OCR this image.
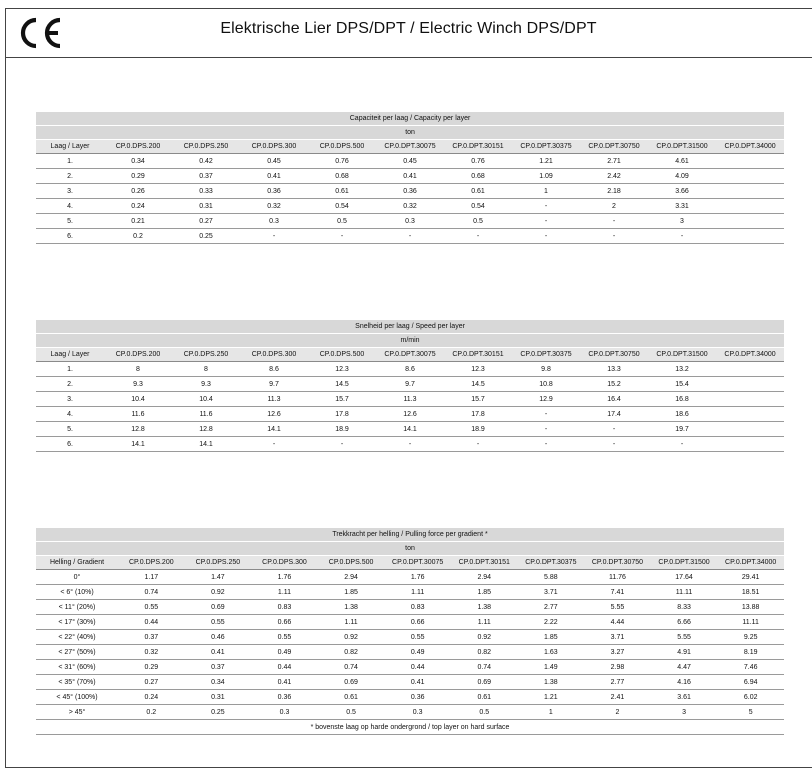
Elektrische Lier DPS/DPT / Electric Winch DPS/DPT
Capaciteit per laag / Capacity per layer										
ton										
Laag / Layer	CP.0.DPS.200	CP.0.DPS.250	CP.0.DPS.300	CP.0.DPS.500	CP.0.DPT.30075	CP.0.DPT.30151	CP.0.DPT.30375	CP.0.DPT.30750	CP.0.DPT.31500	CP.0.DPT.34000
1.	0.34	0.42	0.45	0.76	0.45	0.76	1.21	2.71	4.61	
2.	0.29	0.37	0.41	0.68	0.41	0.68	1.09	2.42	4.09	
3.	0.26	0.33	0.36	0.61	0.36	0.61	1	2.18	3.66	
4.	0.24	0.31	0.32	0.54	0.32	0.54	-	2	3.31	
5.	0.21	0.27	0.3	0.5	0.3	0.5	-	-	3	
6.	0.2	0.25	-	-	-	-	-	-	-	
Snelheid per laag / Speed per layer										
m/min										
Laag / Layer	CP.0.DPS.200	CP.0.DPS.250	CP.0.DPS.300	CP.0.DPS.500	CP.0.DPT.30075	CP.0.DPT.30151	CP.0.DPT.30375	CP.0.DPT.30750	CP.0.DPT.31500	CP.0.DPT.34000
1.	8	8	8.6	12.3	8.6	12.3	9.8	13.3	13.2	
2.	9.3	9.3	9.7	14.5	9.7	14.5	10.8	15.2	15.4	
3.	10.4	10.4	11.3	15.7	11.3	15.7	12.9	16.4	16.8	
4.	11.6	11.6	12.6	17.8	12.6	17.8	-	17.4	18.6	
5.	12.8	12.8	14.1	18.9	14.1	18.9	-	-	19.7	
6.	14.1	14.1	-	-	-	-	-	-	-	
Trekkracht per helling / Pulling force per gradient *										
ton										
Helling / Gradient	CP.0.DPS.200	CP.0.DPS.250	CP.0.DPS.300	CP.0.DPS.500	CP.0.DPT.30075	CP.0.DPT.30151	CP.0.DPT.30375	CP.0.DPT.30750	CP.0.DPT.31500	CP.0.DPT.34000
0°	1.17	1.47	1.76	2.94	1.76	2.94	5.88	11.76	17.64	29.41
< 6° (10%)	0.74	0.92	1.11	1.85	1.11	1.85	3.71	7.41	11.11	18.51
< 11° (20%)	0.55	0.69	0.83	1.38	0.83	1.38	2.77	5.55	8.33	13.88
< 17° (30%)	0.44	0.55	0.66	1.11	0.66	1.11	2.22	4.44	6.66	11.11
< 22° (40%)	0.37	0.46	0.55	0.92	0.55	0.92	1.85	3.71	5.55	9.25
< 27° (50%)	0.32	0.41	0.49	0.82	0.49	0.82	1.63	3.27	4.91	8.19
< 31° (60%)	0.29	0.37	0.44	0.74	0.44	0.74	1.49	2.98	4.47	7.46
< 35° (70%)	0.27	0.34	0.41	0.69	0.41	0.69	1.38	2.77	4.16	6.94
< 45° (100%)	0.24	0.31	0.36	0.61	0.36	0.61	1.21	2.41	3.61	6.02
> 45°	0.2	0.25	0.3	0.5	0.3	0.5	1	2	3	5
* bovenste laag op harde ondergrond / top layer on hard surface										
